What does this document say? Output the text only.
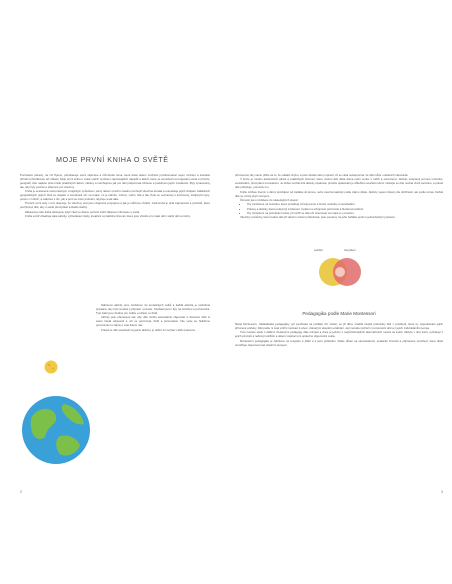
MOJE PRVNÍ KNIHA O SVĚTĚ

Poznávání planety, na níž žijeme, představuje velmi zajímavé a různorodé téma, které dává dětem možnost prozkoumávat nejen rozvitou a součástí přírodní přírodkovou též oblasti. Moje první kniha o světě nabízí mnohem zajímavějších nápadů a aktivit, které se soustředí na fungování světa a přírodu, geografii, Zde najdete plnou řadu praktických aktivit, zábavy a navrhujeme jak pro děti podporovat zdravou a podobnou jejich zvědavost. Byly zpracovány tak, aby byly poctivé a příjemné pro všechny.

Kniha je sestavena srozumitelným a logickým způsobem, který dětem umožní snadno pochopit všechna témata a respektuje jejich chápání základních geografických pojmů. Děti se mapám a zeměkouli učí: na mapě, co je nahoře, zvířecí, vodní, lidé a tak. Poté se seznamují s kontinenty, krajinnými typy, potom v mořích, a nakonec s tím, jak a proč se mění podnebí, obyčeje a tak dále.

Prvních zemí tedy v tom objevuje, že všechny věci jsou vzájemně propojené a jak je můžeme chránit. Celá kniha je plná zajímavostí a podnětů, které povzbuzují dítě, aby o světě přemýšlelo a kladlo otázky.

Zábavná je tato kniha dostupná, když cílem je dětem pomoct tvořit zábavné informace o světě.

Kniha uvnitř obsahuje také aktivity, vyhledávací úkoly, kreativní a praktické činnosti, které jsou vhodné pro malé děti i starší děti a rodiny.

Nabízené aktivity jsou rozdělené do tematických celků a každá aktivita je podrobně popsána, aby bylo snadné ji připravit i provést. Součástí jsou i tipy na rozšíření a pozorování. Tyto části jsou vhodné pro rodiče a učitele ve třídě.

Aktivity jsou připravené tak, aby dítě mohlo samostatně objevovat a zkoumat. Dítě si samo hledá odpovědi a učí se pozorovat, třídit a porovnávat. Vše vede ke hlubšímu porozumění a zájmu o svět kolem nás.

Pokud se dítě soustředí na jednu aktivitu, je dobré ho nechat v klidu pracovat.

2

přirozenost, aby samo přišlo na to, že udělalo chybu, a poté zkusilo sám ji opravit. Ať se však nezapomíná, že dítě může i ostatních nápověda.

V knize je mnoho konkrétních aktivit a praktických činností, které mohou děti dělat doma nebo venku s rodiči a sourozenci. Aktivity podporují jemnou motoriku, soustředění, přemýšlení a kreativitu. Je dobré nechat dítě aktivity opakovat, protože opakování je důležitou součástí učení. Nebojte se dítě nechat chvíli samotné, a pokud dítě potřebuje, pomozte mu.

Knihu můžete čtením s dětmi procházet od začátku do konce, nebo otevírat kapitoly podle zájmu dítěte. Aktivity nejsou řazeny dle obtížnosti, ale podle témat. Každé dítě se rozvíjí jiným tempem.

Činnosti jsou rozdělené do následujících skupin:

• Hry zaměřené na motoriku, které pomáhají rozvoji jemné a hrubé motoriky a soustředění.
• Pokusy a aktivity, které podporují zvídavost, myšlení a schopnost pozorovat a hledat souvislosti.
• Hry zaměřené na poznávání světa, při nichž se dítě učí orientovat na mapě a v prostoru.

Všechny pomůcky, které budou děti při daném cvičení potřebovat, jsou uvedeny na jeho začátku spolu s jednoduchým popisem.

postřeh	zamyšlení
Pedagogika podle Marie Montessori

Maria Montessori, zakladatelka pedagogiky, jež používala na počátku 20. století, se již dříve snažila zlepšit podmínky dětí v prostředí, které by respektovalo jejich přirozené potřeby. Děti podle ní mají vnitřní motivaci k učení, dokud jim dospělí nezabrání. Její metoda vychází z pozorování dětí a z jejich individuálního tempa.

Tuto metodu spolu s dalšími zkušenými pedagogy dále rozvíjeli a dnes je jednou z nejrozšířenějších alternativních metod na světě. Aktivity v této knize vycházejí z jejích principů a nabízejí rodičům a dětem inspiraci pro společné objevování světa.

Montessori pedagogika je založena na respektu k dítěti a k jeho potřebám. Klade důraz na samostatnost, praktické činnosti a připravené prostředí, které dítěti umožňuje objevovat svět vlastním tempem.

3
